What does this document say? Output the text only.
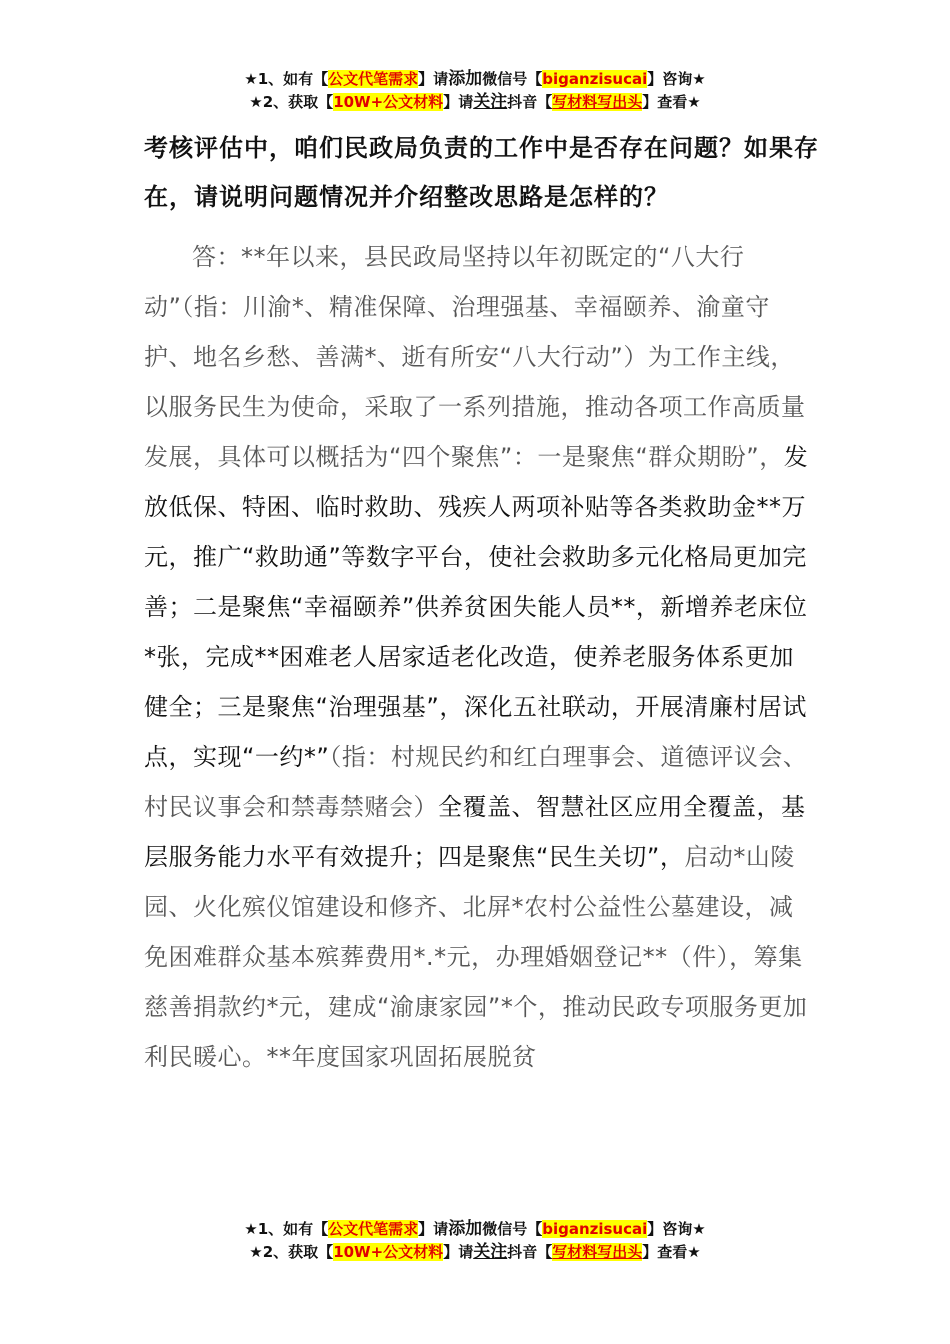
★1、如有【公文代笔需求】请添加微信号【biganzisucai】咨询★
★2、获取【10W+公文材料】请关注抖音【写材料写出头】查看★
考核评估中，咱们民政局负责的工作中是否存在问题？如果存在，请说明问题情况并介绍整改思路是怎样的？
答：**年以来，县民政局坚持以年初既定的“八大行动”（指：川渝*、精准保障、治理强基、幸福颐养、渝童守护、地名乡愁、善满*、逝有所安“八大行动”）为工作主线，以服务民生为使命，采取了一系列措施，推动各项工作高质量发展，具体可以概括为“四个聚焦”：一是聚焦“群众期盼”，发放低保、特困、临时救助、残疾人两项补贴等各类救助金**万元，推广“救助通”等数字平台，使社会救助多元化格局更加完善；二是聚焦“幸福颐养”供养贫困失能人员**，新增养老床位*张，完成**困难老人居家适老化改造，使养老服务体系更加健全；三是聚焦“治理强基”，深化五社联动，开展清廉村居试点，实现“一约*”（指：村规民约和红白理事会、道德评议会、村民议事会和禁毒禁赌会）全覆盖、智慧社区应用全覆盖，基层服务能力水平有效提升；四是聚焦“民生关切”，启动*山陵园、火化殡仪馆建设和修齐、北屏*农村公益性公墓建设，减免困难群众基本殡葬费用*.*元，办理婚姻登记**（件），筹集慈善捐款约*元，建成“渝康家园”*个，推动民政专项服务更加利民暖心。**年度国家巩固拓展脱贫
★1、如有【公文代笔需求】请添加微信号【biganzisucai】咨询★
★2、获取【10W+公文材料】请关注抖音【写材料写出头】查看★
